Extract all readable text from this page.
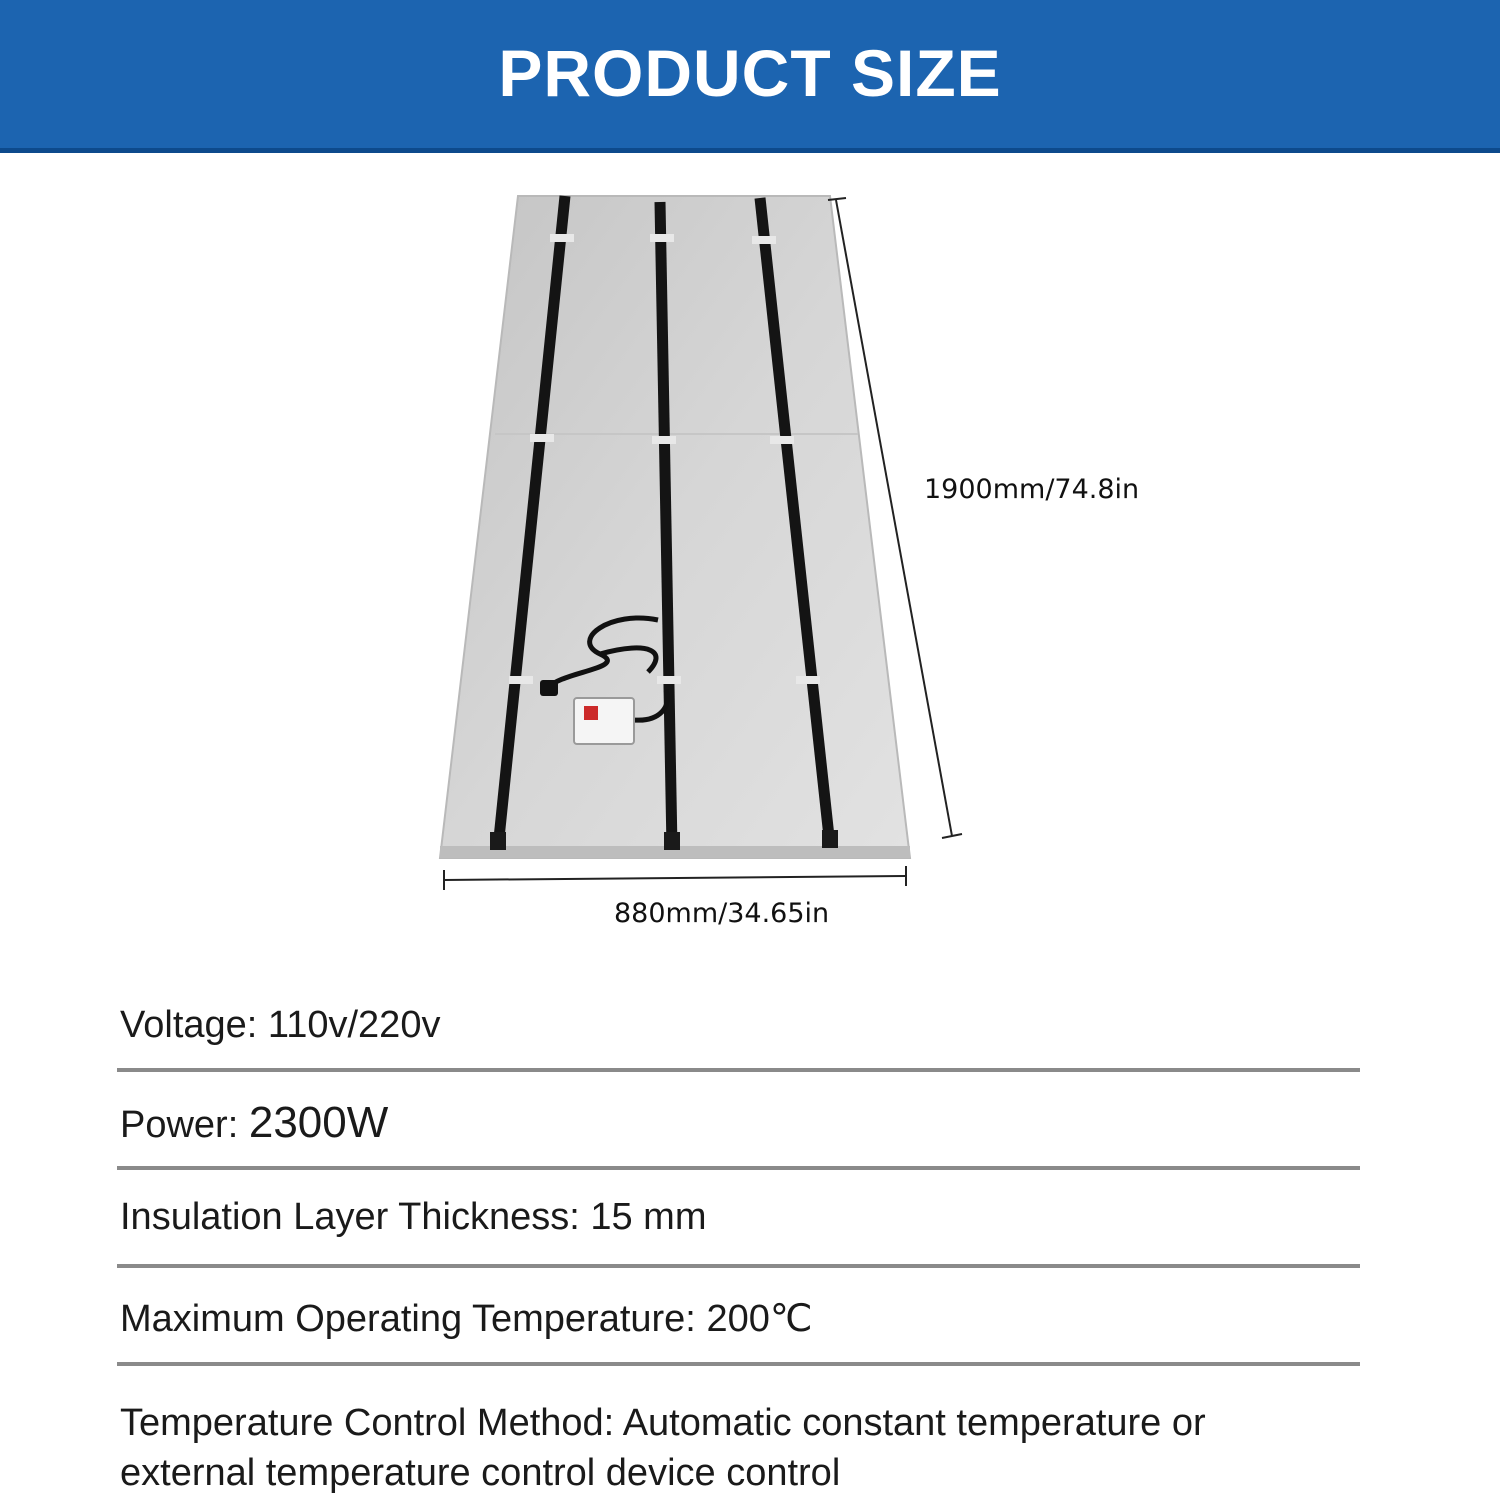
PRODUCT SIZE
1900mm/74.8in
880mm/34.65in
Voltage: 110v/220v
Power: 2300W
Insulation Layer Thickness: 15 mm
Maximum Operating Temperature: 200℃
Temperature Control Method: Automatic constant temperature or
external temperature control device control
